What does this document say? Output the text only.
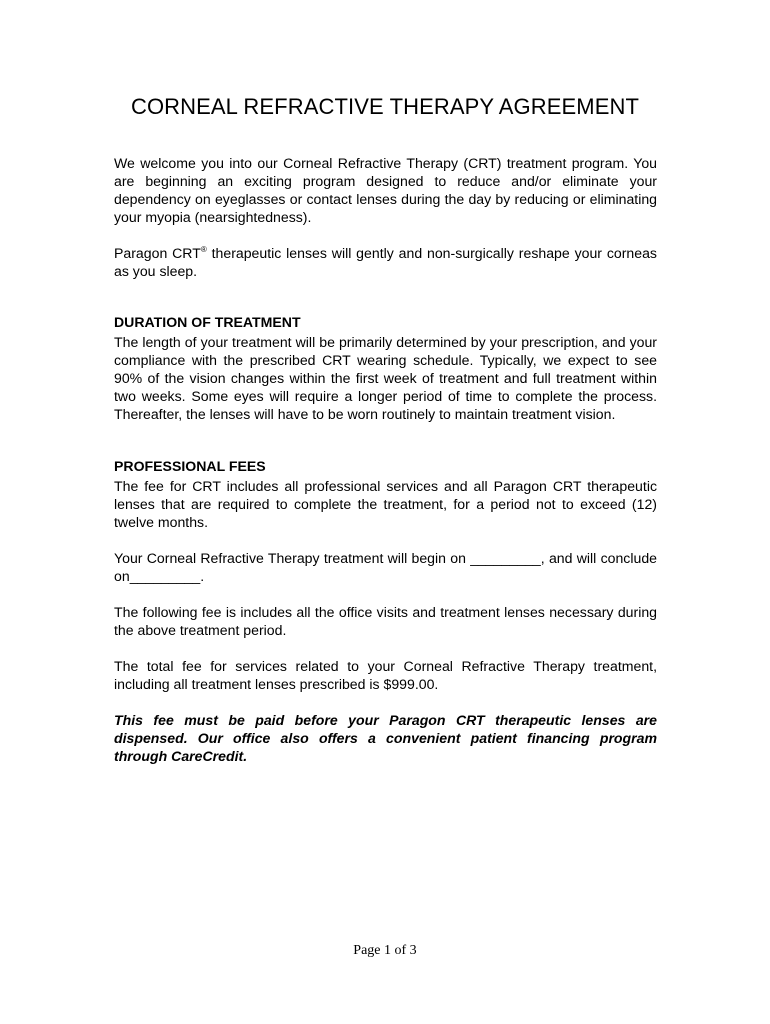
CORNEAL REFRACTIVE THERAPY AGREEMENT

We welcome you into our Corneal Refractive Therapy (CRT) treatment program. You are beginning an exciting program designed to reduce and/or eliminate your dependency on eyeglasses or contact lenses during the day by reducing or eliminating your myopia (nearsightedness).

Paragon CRT® therapeutic lenses will gently and non-surgically reshape your corneas as you sleep.

DURATION OF TREATMENT

The length of your treatment will be primarily determined by your prescription, and your compliance with the prescribed CRT wearing schedule. Typically, we expect to see 90% of the vision changes within the first week of treatment and full treatment within two weeks. Some eyes will require a longer period of time to complete the process. Thereafter, the lenses will have to be worn routinely to maintain treatment vision.

PROFESSIONAL FEES

The fee for CRT includes all professional services and all Paragon CRT therapeutic lenses that are required to complete the treatment, for a period not to exceed (12) twelve months.

Your Corneal Refractive Therapy treatment will begin on _________, and will conclude on_________.

The following fee is includes all the office visits and treatment lenses necessary during the above treatment period.

The total fee for services related to your Corneal Refractive Therapy treatment, including all treatment lenses prescribed is $999.00.

This fee must be paid before your Paragon CRT therapeutic lenses are dispensed. Our office also offers a convenient patient financing program through CareCredit.

Page 1 of 3
